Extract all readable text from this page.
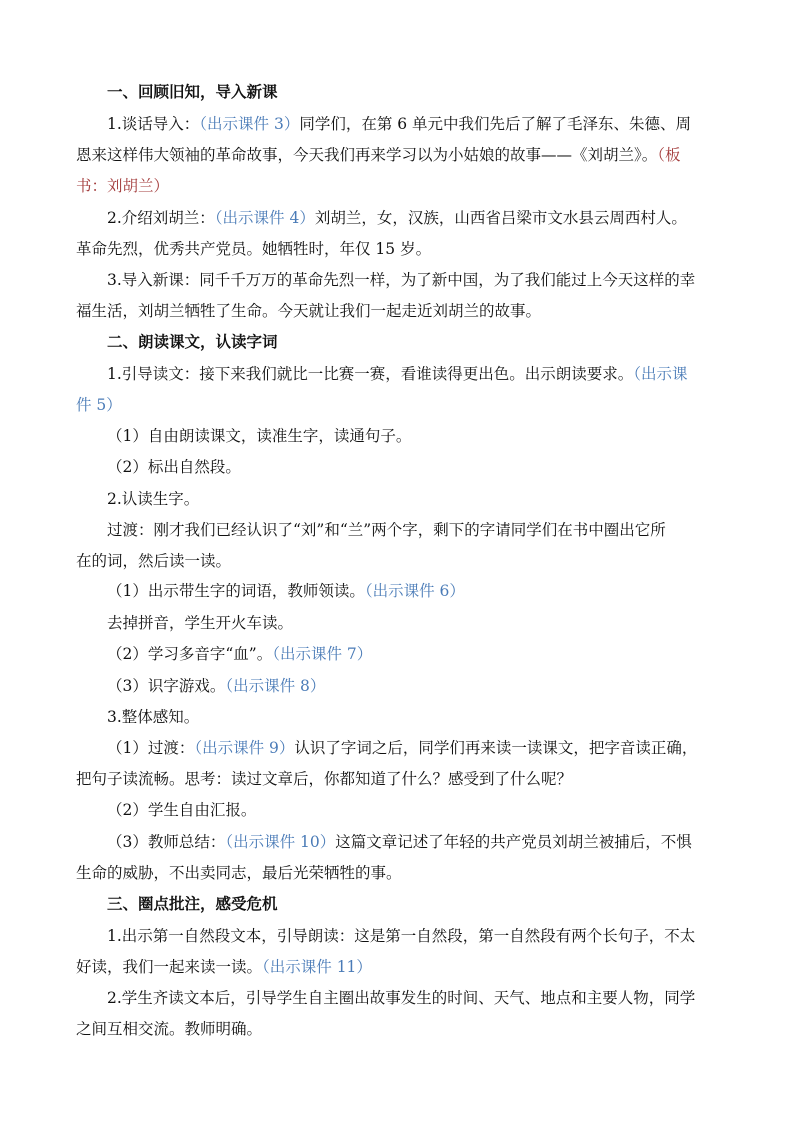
一、回顾旧知，导入新课
1.谈话导入：（出示课件 3）同学们，在第 6 单元中我们先后了解了毛泽东、朱德、周
恩来这样伟大领袖的革命故事，今天我们再来学习以为小姑娘的故事——《刘胡兰》。（板
书：刘胡兰）
2.介绍刘胡兰：（出示课件 4）刘胡兰，女，汉族，山西省吕梁市文水县云周西村人。
革命先烈，优秀共产党员。她牺牲时，年仅 15 岁。
3.导入新课：同千千万万的革命先烈一样，为了新中国，为了我们能过上今天这样的幸
福生活，刘胡兰牺牲了生命。今天就让我们一起走近刘胡兰的故事。
二、朗读课文，认读字词
1.引导读文：接下来我们就比一比赛一赛，看谁读得更出色。出示朗读要求。（出示课
件 5）
（1）自由朗读课文，读准生字，读通句子。
（2）标出自然段。
2.认读生字。
过渡：刚才我们已经认识了“刘”和“兰”两个字，剩下的字请同学们在书中圈出它所
在的词，然后读一读。
（1）出示带生字的词语，教师领读。（出示课件 6）
去掉拼音，学生开火车读。
（2）学习多音字“血”。（出示课件 7）
（3）识字游戏。（出示课件 8）
3.整体感知。
（1）过渡：（出示课件 9）认识了字词之后，同学们再来读一读课文，把字音读正确，
把句子读流畅。思考：读过文章后，你都知道了什么？感受到了什么呢？
（2）学生自由汇报。
（3）教师总结：（出示课件 10）这篇文章记述了年轻的共产党员刘胡兰被捕后，不惧
生命的威胁，不出卖同志，最后光荣牺牲的事。
三、圈点批注，感受危机
1.出示第一自然段文本，引导朗读：这是第一自然段，第一自然段有两个长句子，不太
好读，我们一起来读一读。（出示课件 11）
2.学生齐读文本后，引导学生自主圈出故事发生的时间、天气、地点和主要人物，同学
之间互相交流。教师明确。
